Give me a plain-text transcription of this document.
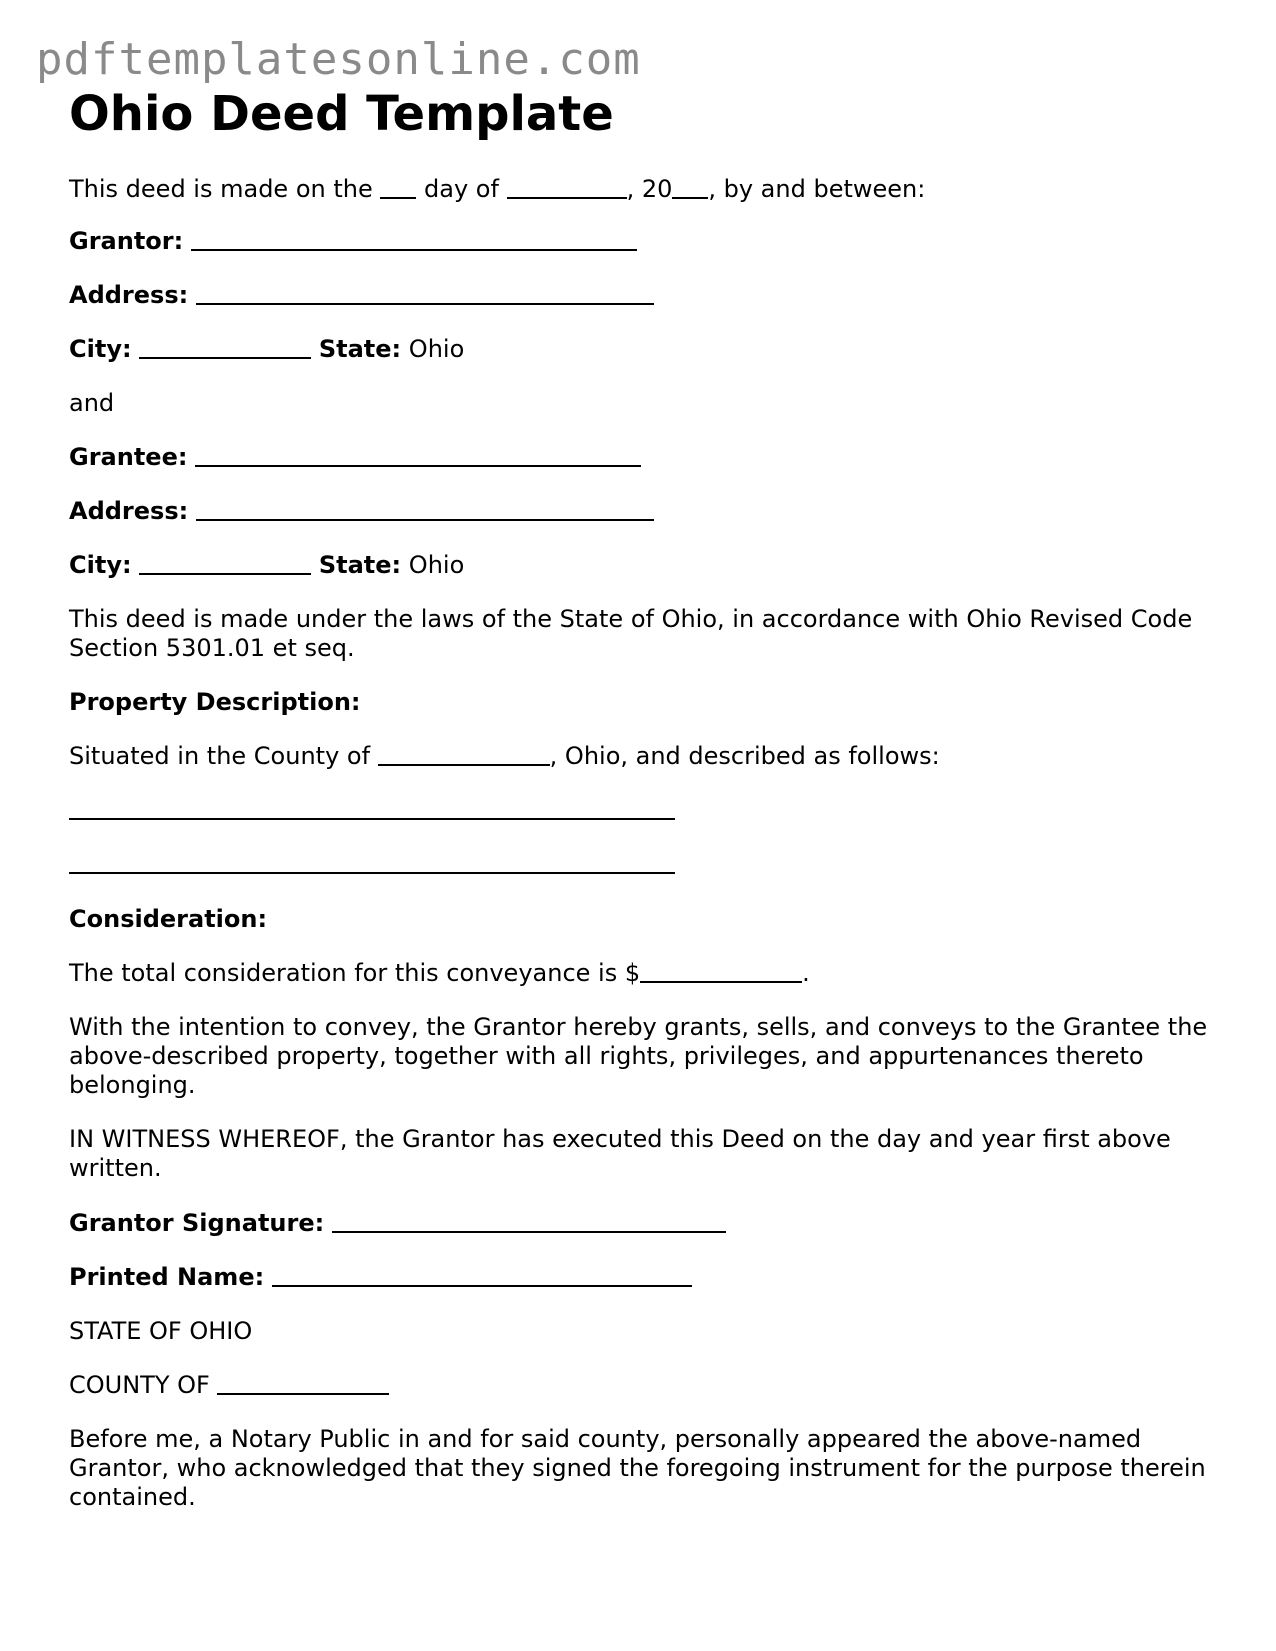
pdftemplatesonline.com
Ohio Deed Template

This deed is made on the day of	, 20 , by and between:

Grantor:

Address:

City:	State: Ohio

and

Grantee:

Address:

City:	State: Ohio

This deed is made under the laws of the State of Ohio, in accordance with Ohio Revised Code Section 5301.01 et seq.

Property Description:

Situated in the County of	, Ohio, and described as follows:

Consideration:

The total consideration for this conveyance is $	.

With the intention to convey, the Grantor hereby grants, sells, and conveys to the Grantee the above-described property, together with all rights, privileges, and appurtenances thereto belonging.

IN WITNESS WHEREOF, the Grantor has executed this Deed on the day and year first above written.

Grantor Signature:

Printed Name:

STATE OF OHIO

COUNTY OF

Before me, a Notary Public in and for said county, personally appeared the above-named Grantor, who acknowledged that they signed the foregoing instrument for the purpose therein contained.
